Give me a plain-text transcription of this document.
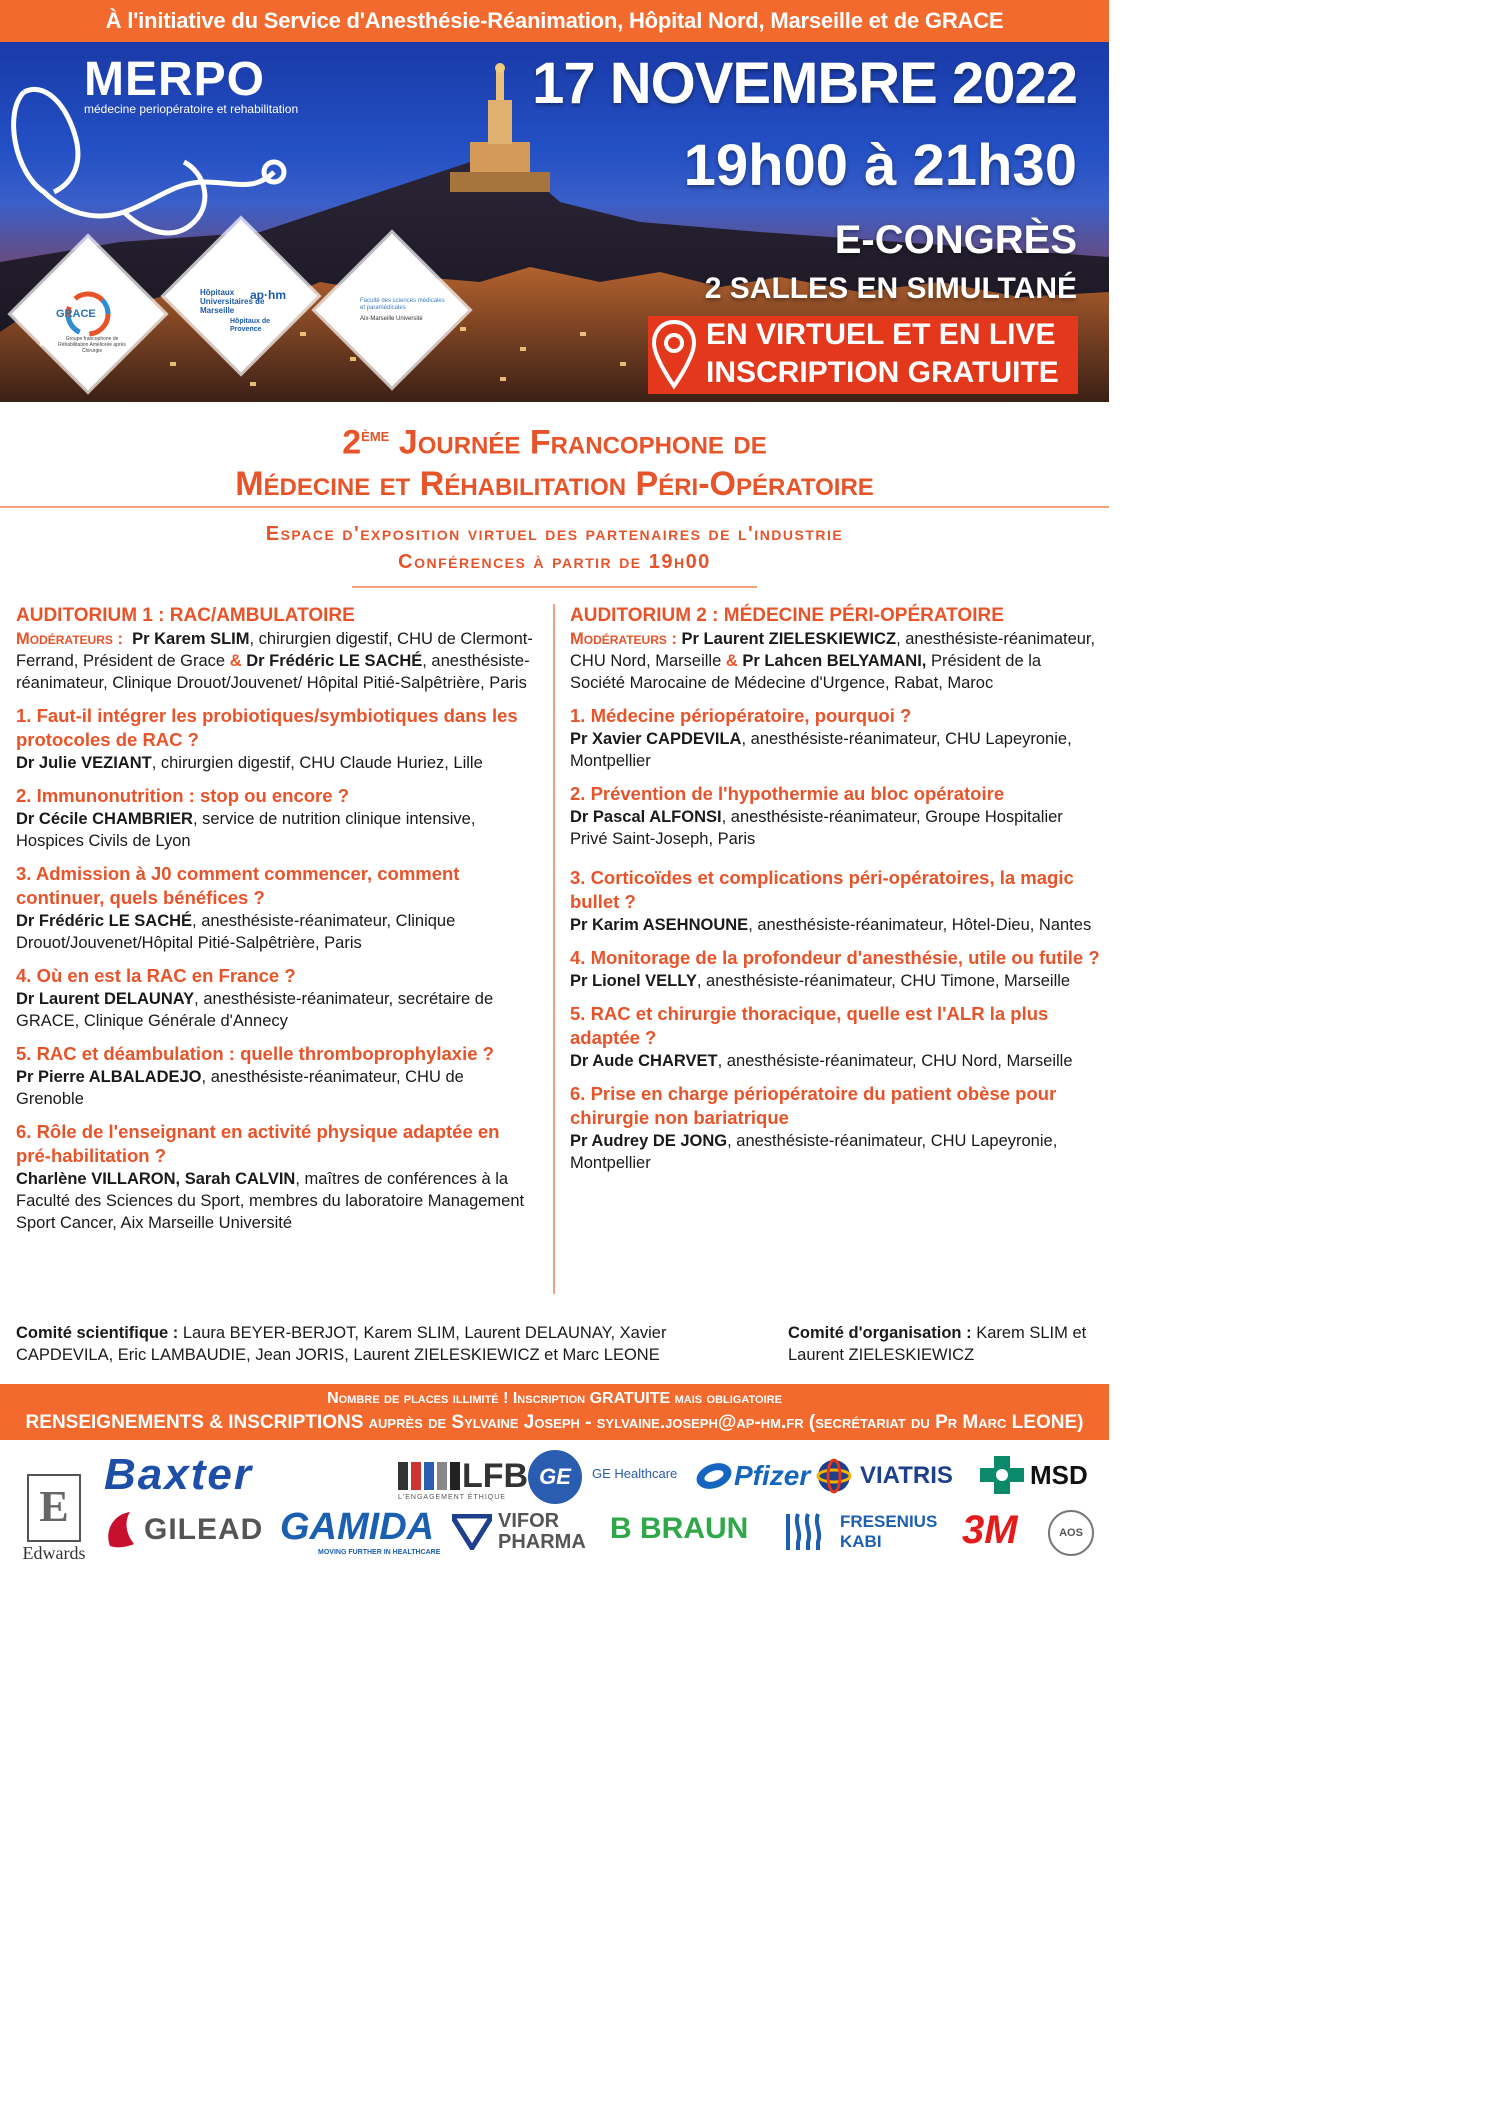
À l'initiative du Service d'Anesthésie-Réanimation, Hôpital Nord, Marseille et de GRACE
MERPO
médecine periopératoire et rehabilitation	17 NOVEMBRE 2022
19h00 à 21h30
E-CONGRÈS
2 SALLES EN SIMULTANÉ
EN VIRTUEL ET EN LIVE
INSCRIPTION GRATUITE
GRACE
Groupe francophone de Réhabilitation Améliorée après Chirurgie
Hôpitaux Universitaires de Marseille
ap·hm
Hôpitaux de Provence
Faculté des sciences médicales et paramédicales
Aix-Marseille Université
2ème Journée Francophone de
Médecine et Réhabilitation Péri-Opératoire
Espace d'exposition virtuel des partenaires de l'industrie
Conférences à partir de 19h00
AUDITORIUM 1 : RAC/AMBULATOIRE
Modérateurs : Pr Karem SLIM, chirurgien digestif, CHU de Clermont-Ferrand, Président de Grace & Dr Frédéric LE SACHÉ, anesthésiste-réanimateur, Clinique Drouot/Jouvenet/ Hôpital Pitié-Salpêtrière, Paris
1. Faut-il intégrer les probiotiques/symbiotiques dans les protocoles de RAC ?
Dr Julie VEZIANT, chirurgien digestif, CHU Claude Huriez, Lille
2. Immunonutrition : stop ou encore ?
Dr Cécile CHAMBRIER, service de nutrition clinique intensive, Hospices Civils de Lyon
3. Admission à J0 comment commencer, comment continuer, quels bénéfices ?
Dr Frédéric LE SACHÉ, anesthésiste-réanimateur, Clinique Drouot/Jouvenet/Hôpital Pitié-Salpêtrière, Paris
4. Où en est la RAC en France ?
Dr Laurent DELAUNAY, anesthésiste-réanimateur, secrétaire de GRACE, Clinique Générale d'Annecy
5. RAC et déambulation : quelle thromboprophylaxie ?
Pr Pierre ALBALADEJO, anesthésiste-réanimateur, CHU de Grenoble
6. Rôle de l'enseignant en activité physique adaptée en pré-habilitation ?
Charlène VILLARON, Sarah CALVIN, maîtres de conférences à la Faculté des Sciences du Sport, membres du laboratoire Management Sport Cancer, Aix Marseille Université
AUDITORIUM 2 : MÉDECINE PÉRI-OPÉRATOIRE
Modérateurs : Pr Laurent ZIELESKIEWICZ, anesthésiste-réanimateur, CHU Nord, Marseille & Pr Lahcen BELYAMANI, Président de la Société Marocaine de Médecine d'Urgence, Rabat, Maroc
1. Médecine périopératoire, pourquoi ?
Pr Xavier CAPDEVILA, anesthésiste-réanimateur, CHU Lapeyronie, Montpellier
2. Prévention de l'hypothermie au bloc opératoire
Dr Pascal ALFONSI, anesthésiste-réanimateur, Groupe Hospitalier Privé Saint-Joseph, Paris
3. Corticoïdes et complications péri-opératoires, la magic bullet ?
Pr Karim ASEHNOUNE, anesthésiste-réanimateur, Hôtel-Dieu, Nantes
4. Monitorage de la profondeur d'anesthésie, utile ou futile ?
Pr Lionel VELLY, anesthésiste-réanimateur, CHU Timone, Marseille
5. RAC et chirurgie thoracique, quelle est l'ALR la plus adaptée ?
Dr Aude CHARVET, anesthésiste-réanimateur, CHU Nord, Marseille
6. Prise en charge périopératoire du patient obèse pour chirurgie non bariatrique
Pr Audrey DE JONG, anesthésiste-réanimateur, CHU Lapeyronie, Montpellier
Comité scientifique : Laura BEYER-BERJOT, Karem SLIM, Laurent DELAUNAY, Xavier CAPDEVILA, Eric LAMBAUDIE, Jean JORIS, Laurent ZIELESKIEWICZ et Marc LEONE
Comité d'organisation : Karem SLIM et Laurent ZIELESKIEWICZ
Nombre de places illimité ! Inscription GRATUITE mais obligatoire
RENSEIGNEMENTS & INSCRIPTIONS auprès de Sylvaine Joseph - sylvaine.joseph@ap-hm.fr (secrétariat du Pr Marc LEONE)
E
Edwards
Baxter	LFB
L'ENGAGEMENT ÉTHIQUE
GE GE Healthcare Pfizer VIATRIS	MSD
GILEAD GAMIDA
MOVING FURTHER IN HEALTHCARE
VIFOR
PHARMA B BRAUN	FRESENIUS
KABI	3M	AOS
